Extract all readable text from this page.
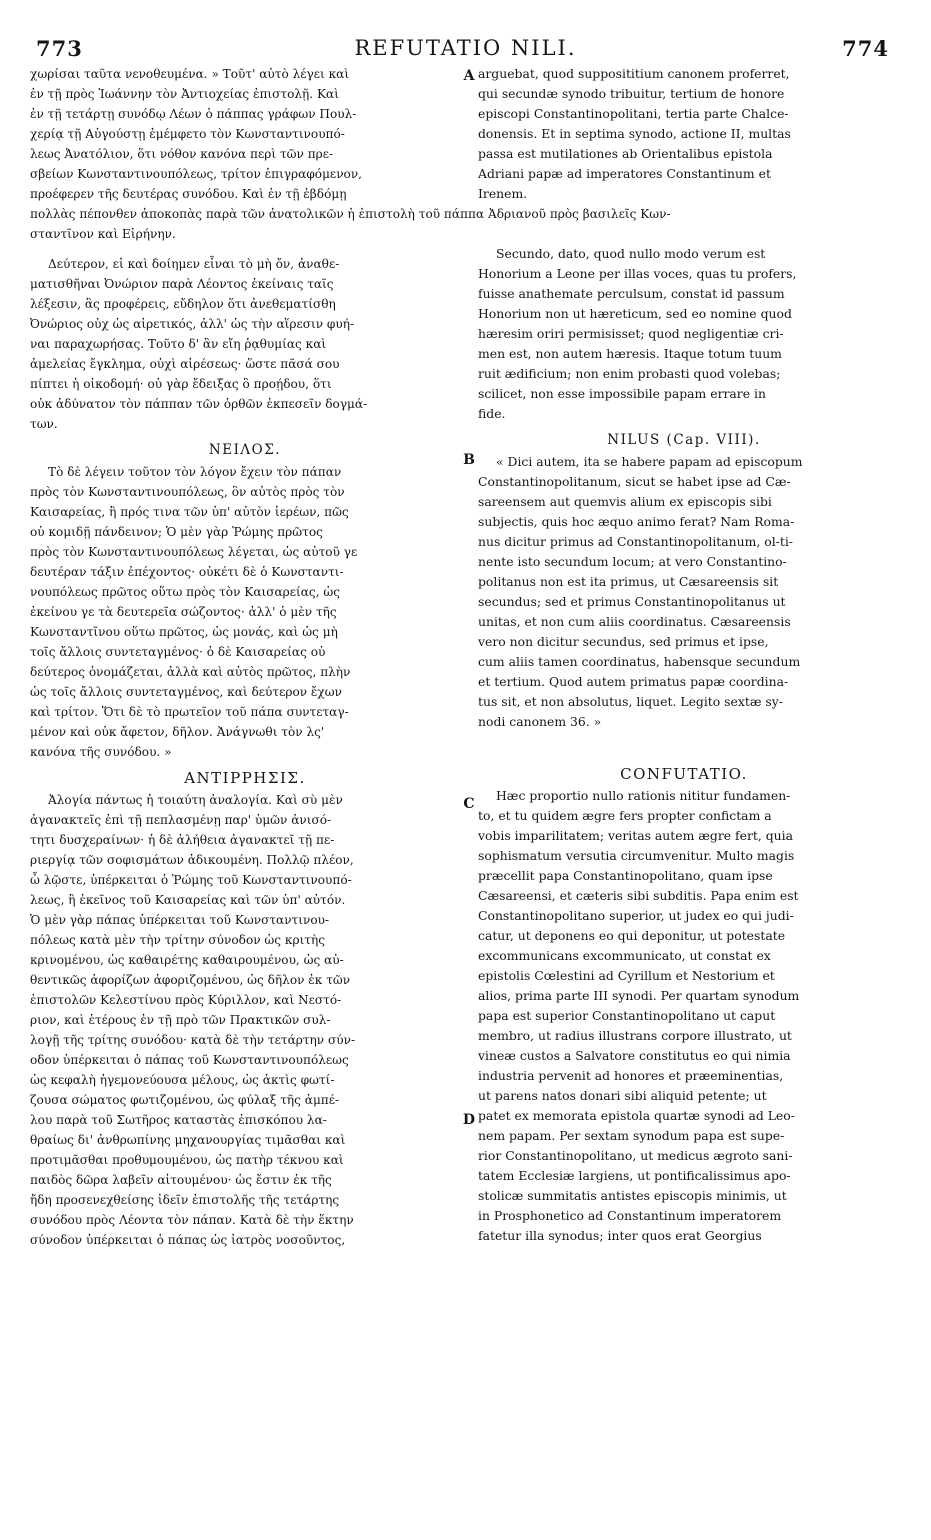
773	REFUTATIO NILI.	774
A
B
C
D
χωρίσαι ταῦτα νενοθευμένα. » Τοῦτ' αὐτὸ λέγει καὶ
ἐν τῇ πρὸς Ἰωάννην τὸν Ἀντιοχείας ἐπιστολῇ. Καὶ
ἐν τῇ τετάρτῃ συνόδῳ Λέων ὁ πάππας γράφων Πουλ-
χερίᾳ τῇ Αὐγούστῃ ἐμέμφετο τὸν Κωνσταντινουπό-
λεως Ἀνατόλιον, ὅτι νόθον κανόνα περὶ τῶν πρε-
σβείων Κωνσταντινουπόλεως, τρίτον ἐπιγραφόμενον,
προέφερεν τῆς δευτέρας συνόδου. Καὶ ἐν τῇ ἑβδόμῃ
πολλὰς πέπονθεν ἀποκοπὰς παρὰ τῶν ἀνατολικῶν ἡ ἐπιστολὴ τοῦ πάππα Ἀδριανοῦ πρὸς βασιλεῖς Κων-
σταντῖνον καὶ Εἰρήνην.
Δεύτερον, εἰ καὶ δοίημεν εἶναι τὸ μὴ ὄν, ἀναθε-
ματισθῆναι Ὀνώριον παρὰ Λέοντος ἐκείναις ταῖς
λέξεσιν, ἃς προφέρεις, εὔδηλον ὅτι ἀνεθεματίσθη
Ὀνώριος οὐχ ὡς αἱρετικός, ἀλλ' ὡς τὴν αἵρεσιν φυή-
ναι παραχωρήσας. Τοῦτο δ' ἂν εἴη ῥᾳθυμίας καὶ
ἀμελείας ἔγκλημα, οὐχὶ αἱρέσεως· ὥστε πᾶσά σου
πίπτει ἡ οἰκοδομή· οὐ γὰρ ἔδειξας ὃ προῄδου, ὅτι
οὐκ ἀδύνατον τὸν πάππαν τῶν ὀρθῶν ἐκπεσεῖν δογμά-
των.
ΝΕΙΛΟΣ.
Τὸ δὲ λέγειν τοῦτον τὸν λόγον ἔχειν τὸν πάπαν
πρὸς τὸν Κωνσταντινουπόλεως, ὃν αὐτὸς πρὸς τὸν
Καισαρείας, ἢ πρός τινα τῶν ὑπ' αὐτὸν ἱερέων, πῶς
οὐ κομιδῇ πάνδεινον; Ὁ μὲν γὰρ Ῥώμης πρῶτος
πρὸς τὸν Κωνσταντινουπόλεως λέγεται, ὡς αὐτοῦ γε
δευτέραν τάξιν ἐπέχοντος· οὐκέτι δὲ ὁ Κωνσταντι-
νουπόλεως πρῶτος οὕτω πρὸς τὸν Καισαρείας, ὡς
ἐκείνου γε τὰ δευτερεῖα σώζοντος· ἀλλ' ὁ μὲν τῆς
Κωνσταντῖνου οὕτω πρῶτος, ὡς μονάς, καὶ ὡς μὴ
τοῖς ἄλλοις συντεταγμένος· ὁ δὲ Καισαρείας οὐ
δεύτερος ὀνομάζεται, ἀλλὰ καὶ αὐτὸς πρῶτος, πλὴν
ὡς τοῖς ἄλλοις συντεταγμένος, καὶ δεύτερον ἔχων
καὶ τρίτον. Ὅτι δὲ τὸ πρωτεῖον τοῦ πάπα συντεταγ-
μένον καὶ οὐκ ἄφετον, δῆλον. Ἀνάγνωθι τὸν λς'
κανόνα τῆς συνόδου. »
ΑΝΤΙΡΡΗΣΙΣ.
Ἀλογία πάντως ἡ τοιαύτη ἀναλογία. Καὶ σὺ μὲν
ἀγανακτεῖς ἐπὶ τῇ πεπλασμένῃ παρ' ὑμῶν ἀνισό-
τητι δυσχεραίνων· ἡ δὲ ἀλήθεια ἀγανακτεῖ τῇ πε-
ριεργίᾳ τῶν σοφισμάτων ἀδικουμένη. Πολλῷ πλέον,
ὦ λῷστε, ὑπέρκειται ὁ Ῥώμης τοῦ Κωνσταντινουπό-
λεως, ἢ ἐκεῖνος τοῦ Καισαρείας καὶ τῶν ὑπ' αὐτόν.
Ὁ μὲν γὰρ πάπας ὑπέρκειται τοῦ Κωνσταντινου-
πόλεως κατὰ μὲν τὴν τρίτην σύνοδον ὡς κριτὴς
κρινομένου, ὡς καθαιρέτης καθαιρουμένου, ὡς αὐ-
θεντικῶς ἀφορίζων ἀφοριζομένου, ὡς δῆλον ἐκ τῶν
ἐπιστολῶν Κελεστίνου πρὸς Κύριλλον, καὶ Νεστό-
ριον, καὶ ἑτέρους ἐν τῇ πρὸ τῶν Πρακτικῶν συλ-
λογῇ τῆς τρίτης συνόδου· κατὰ δὲ τὴν τετάρτην σύν-
οδον ὑπέρκειται ὁ πάπας τοῦ Κωνσταντινουπόλεως
ὡς κεφαλὴ ἡγεμονεύουσα μέλους, ὡς ἀκτὶς φωτί-
ζουσα σώματος φωτιζομένου, ὡς φύλαξ τῆς ἀμπέ-
λου παρὰ τοῦ Σωτῆρος καταστὰς ἐπισκόπου λα-
θραίως δι' ἀνθρωπίνης μηχανουργίας τιμᾶσθαι καὶ
προτιμᾶσθαι προθυμουμένου, ὡς πατὴρ τέκνου καὶ
παιδὸς δῶρα λαβεῖν αἰτουμένου· ὡς ἔστιν ἐκ τῆς
ἤδη προσενεχθείσης ἰδεῖν ἐπιστολῆς τῆς τετάρτης
συνόδου πρὸς Λέοντα τὸν πάπαν. Κατὰ δὲ τὴν ἕκτην
σύνοδον ὑπέρκειται ὁ πάπας ὡς ἰατρὸς νοσοῦντος,
arguebat, quod supposititium canonem proferret,
qui secundæ synodo tribuitur, tertium de honore
episcopi Constantinopolitani, tertia parte Chalce-
donensis. Et in septima synodo, actione II, multas
passa est mutilationes ab Orientalibus epistola
Adriani papæ ad imperatores Constantinum et
Irenem.
Secundo, dato, quod nullo modo verum est
Honorium a Leone per illas voces, quas tu profers,
fuisse anathemate perculsum, constat id passum
Honorium non ut hæreticum, sed eo nomine quod
hæresim oriri permisisset; quod negligentiæ cri-
men est, non autem hæresis. Itaque totum tuum
ruit ædificium; non enim probasti quod volebas;
scilicet, non esse impossibile papam errare in
fide.
NILUS (Cap. VIII).
« Dici autem, ita se habere papam ad episcopum
Constantinopolitanum, sicut se habet ipse ad Cæ-
sareensem aut quemvis alium ex episcopis sibi
subjectis, quis hoc æquo animo ferat? Nam Roma-
nus dicitur primus ad Constantinopolitanum, ol-ti-
nente isto secundum locum; at vero Constantino-
politanus non est ita primus, ut Cæsareensis sit
secundus; sed et primus Constantinopolitanus ut
unitas, et non cum aliis coordinatus. Cæsareensis
vero non dicitur secundus, sed primus et ipse,
cum aliis tamen coordinatus, habensque secundum
et tertium. Quod autem primatus papæ coordina-
tus sit, et non absolutus, liquet. Legito sextæ sy-
nodi canonem 36. »
CONFUTATIO.
Hæc proportio nullo rationis nititur fundamen-
to, et tu quidem ægre fers propter confictam a
vobis imparilitatem; veritas autem ægre fert, quia
sophismatum versutia circumvenitur. Multo magis
præcellit papa Constantinopolitano, quam ipse
Cæsareensi, et cæteris sibi subditis. Papa enim est
Constantinopolitano superior, ut judex eo qui judi-
catur, ut deponens eo qui deponitur, ut potestate
excommunicans excommunicato, ut constat ex
epistolis Cœlestini ad Cyrillum et Nestorium et
alios, prima parte III synodi. Per quartam synodum
papa est superior Constantinopolitano ut caput
membro, ut radius illustrans corpore illustrato, ut
vineæ custos a Salvatore constitutus eo qui nimia
industria pervenit ad honores et præeminentias,
ut parens natos donari sibi aliquid petente; ut
patet ex memorata epistola quartæ synodi ad Leo-
nem papam. Per sextam synodum papa est supe-
rior Constantinopolitano, ut medicus ægroto sani-
tatem Ecclesiæ largiens, ut pontificalissimus apo-
stolicæ summitatis antistes episcopis minimis, ut
in Prosphonetico ad Constantinum imperatorem
fatetur illa synodus; inter quos erat Georgius
